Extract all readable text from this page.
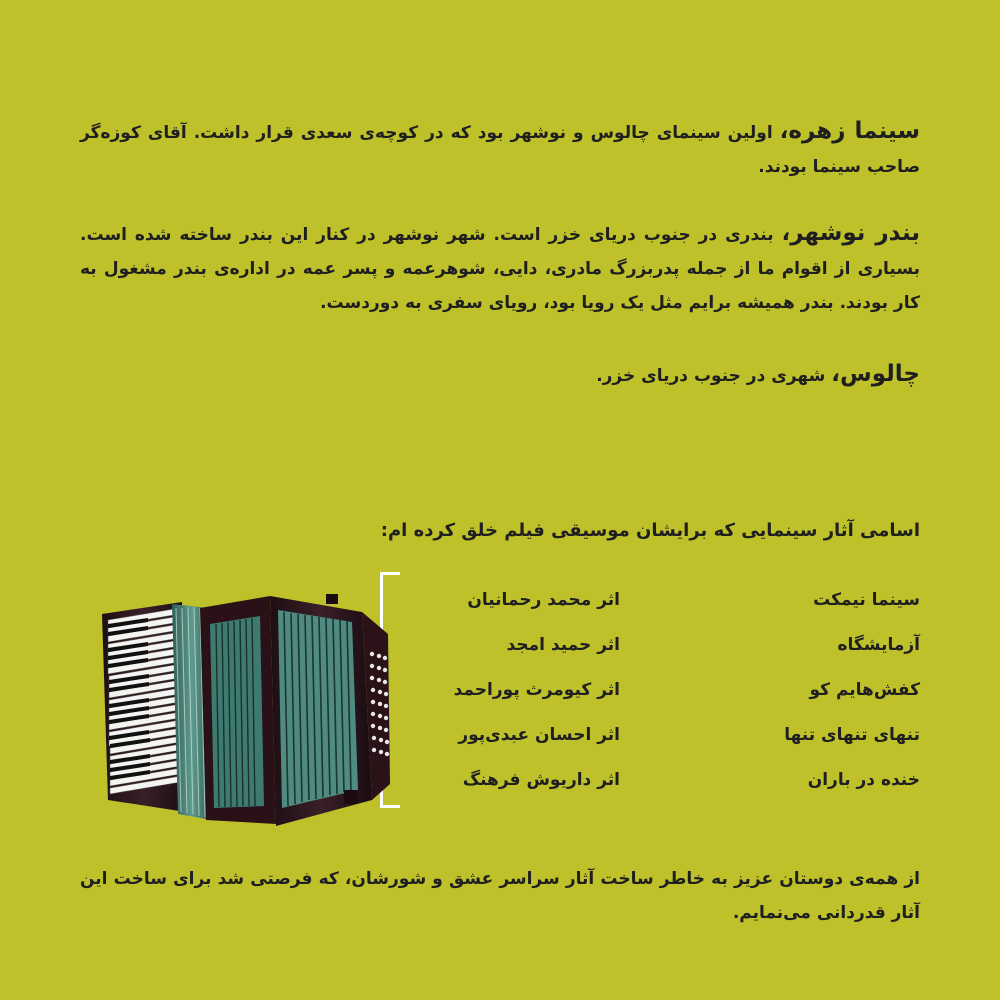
سینما زهره، اولین سینمای چالوس و نوشهر بود که در کوچه‌ی سعدی قرار داشت. آقای کوزه‌گر صاحب سینما بودند.

بندر نوشهر، بندری در جنوب دریای خزر است. شهر نوشهر در کنار این بندر ساخته شده است. بسیاری از اقوام ما از جمله پدربزرگ مادری، دایی، شوهرعمه و پسر عمه در اداره‌ی بندر مشغول به کار بودند. بندر همیشه برایم مثل یک رویا بود، رویای سفری به دوردست.

چالوس، شهری در جنوب دریای خزر.

اسامی آثار سینمایی که برایشان موسیقی فیلم خلق کرده ام:
سینما نیمکت
آزمایشگاه
کفش‌هایم کو
تنهای تنهای تنها
خنده در باران
اثر محمد رحمانیان
اثر حمید امجد
اثر کیومرث پوراحمد
اثر احسان عبدی‌پور
اثر داریوش فرهنگ

از همه‌ی دوستان عزیز به خاطر ساخت آثار سراسر عشق و شورشان، که فرصتی شد برای ساخت این آثار قدردانی می‌نمایم.
